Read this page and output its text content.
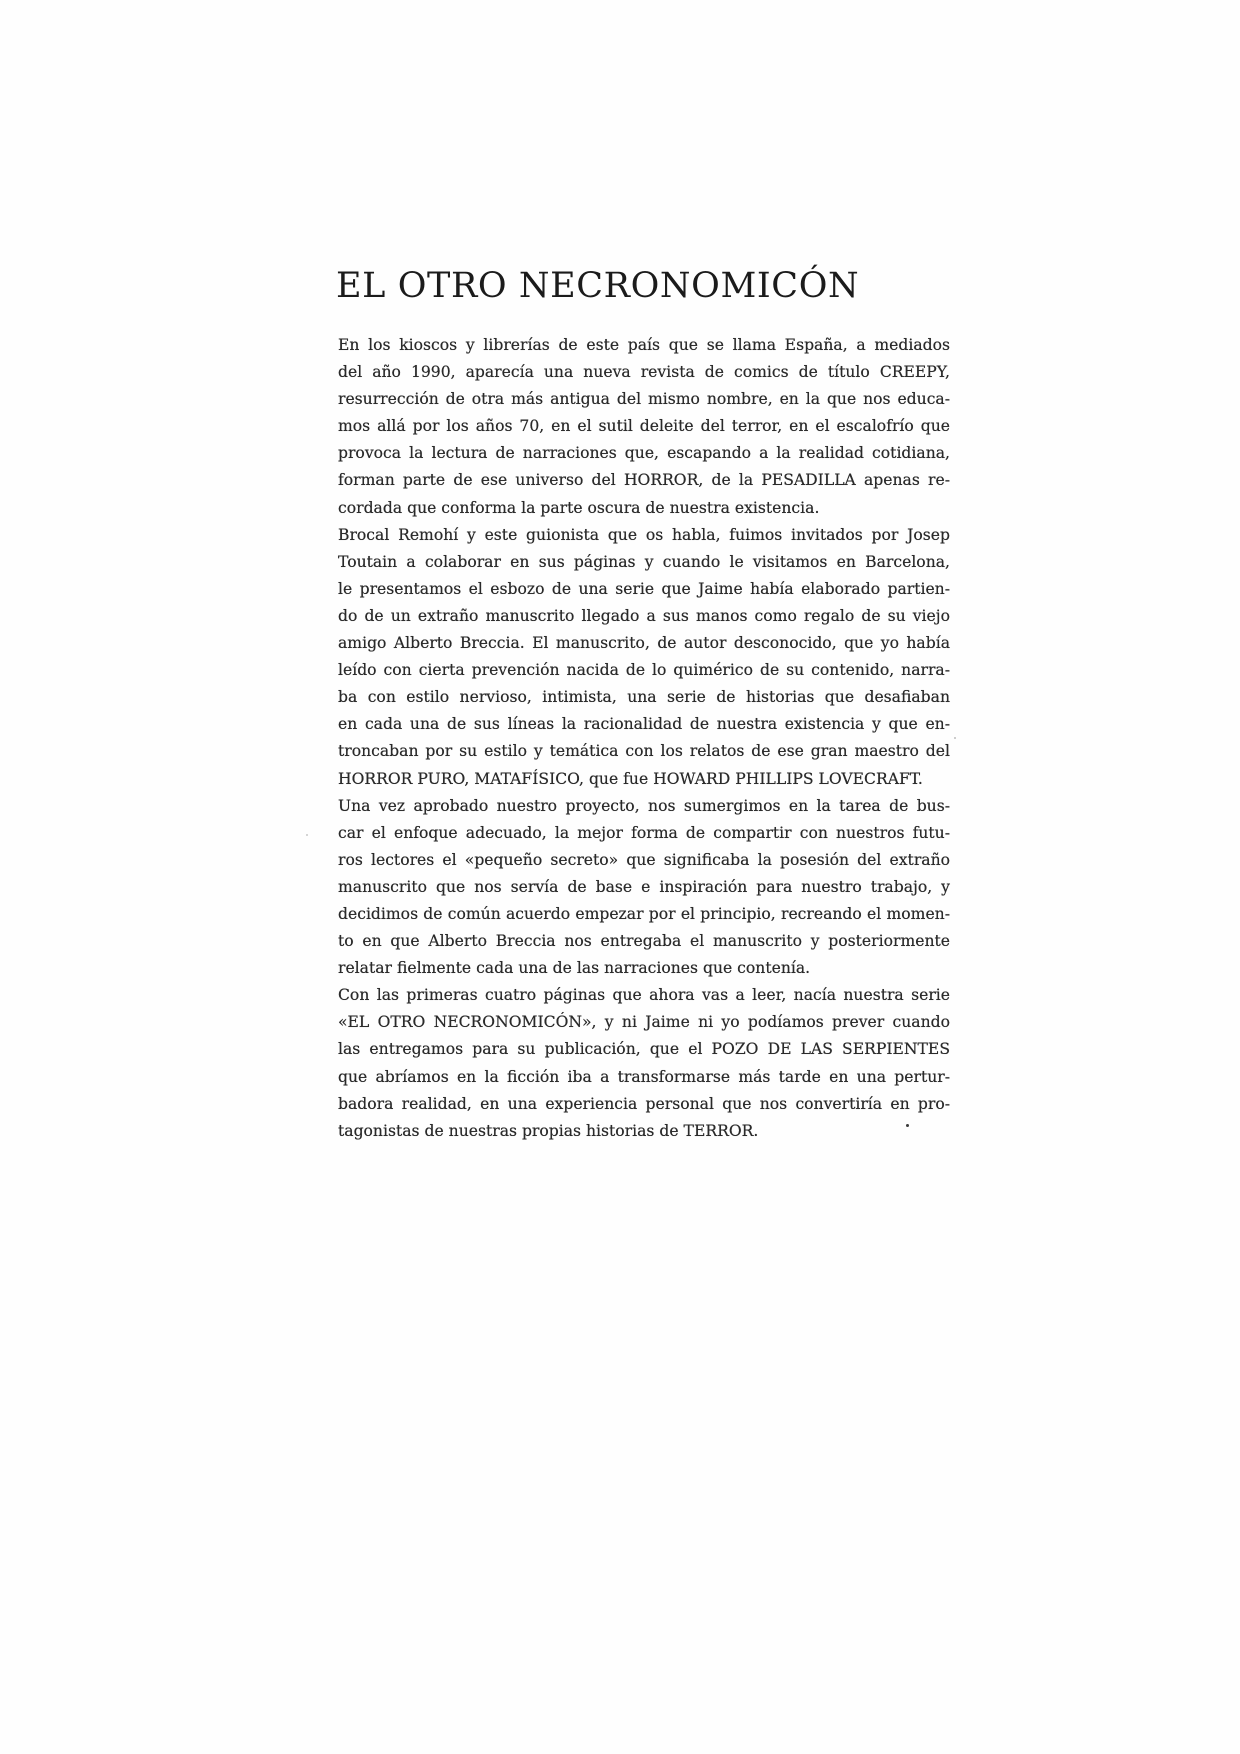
EL OTRO NECRONOMICÓN
En los kioscos y librerías de este país que se llama España, a mediados
del año 1990, aparecía una nueva revista de comics de título CREEPY,
resurrección de otra más antigua del mismo nombre, en la que nos educa-
mos allá por los años 70, en el sutil deleite del terror, en el escalofrío que
provoca la lectura de narraciones que, escapando a la realidad cotidiana,
forman parte de ese universo del HORROR, de la PESADILLA apenas re-
cordada que conforma la parte oscura de nuestra existencia.
Brocal Remohí y este guionista que os habla, fuimos invitados por Josep
Toutain a colaborar en sus páginas y cuando le visitamos en Barcelona,
le presentamos el esbozo de una serie que Jaime había elaborado partien-
do de un extraño manuscrito llegado a sus manos como regalo de su viejo
amigo Alberto Breccia. El manuscrito, de autor desconocido, que yo había
leído con cierta prevención nacida de lo quimérico de su contenido, narra-
ba con estilo nervioso, intimista, una serie de historias que desafiaban
en cada una de sus líneas la racionalidad de nuestra existencia y que en-
troncaban por su estilo y temática con los relatos de ese gran maestro del
HORROR PURO, MATAFÍSICO, que fue HOWARD PHILLIPS LOVECRAFT.
Una vez aprobado nuestro proyecto, nos sumergimos en la tarea de bus-
car el enfoque adecuado, la mejor forma de compartir con nuestros futu-
ros lectores el «pequeño secreto» que significaba la posesión del extraño
manuscrito que nos servía de base e inspiración para nuestro trabajo, y
decidimos de común acuerdo empezar por el principio, recreando el momen-
to en que Alberto Breccia nos entregaba el manuscrito y posteriormente
relatar fielmente cada una de las narraciones que contenía.
Con las primeras cuatro páginas que ahora vas a leer, nacía nuestra serie
«EL OTRO NECRONOMICÓN», y ni Jaime ni yo podíamos prever cuando
las entregamos para su publicación, que el POZO DE LAS SERPIENTES
que abríamos en la ficción iba a transformarse más tarde en una pertur-
badora realidad, en una experiencia personal que nos convertiría en pro-
tagonistas de nuestras propias historias de TERROR.
